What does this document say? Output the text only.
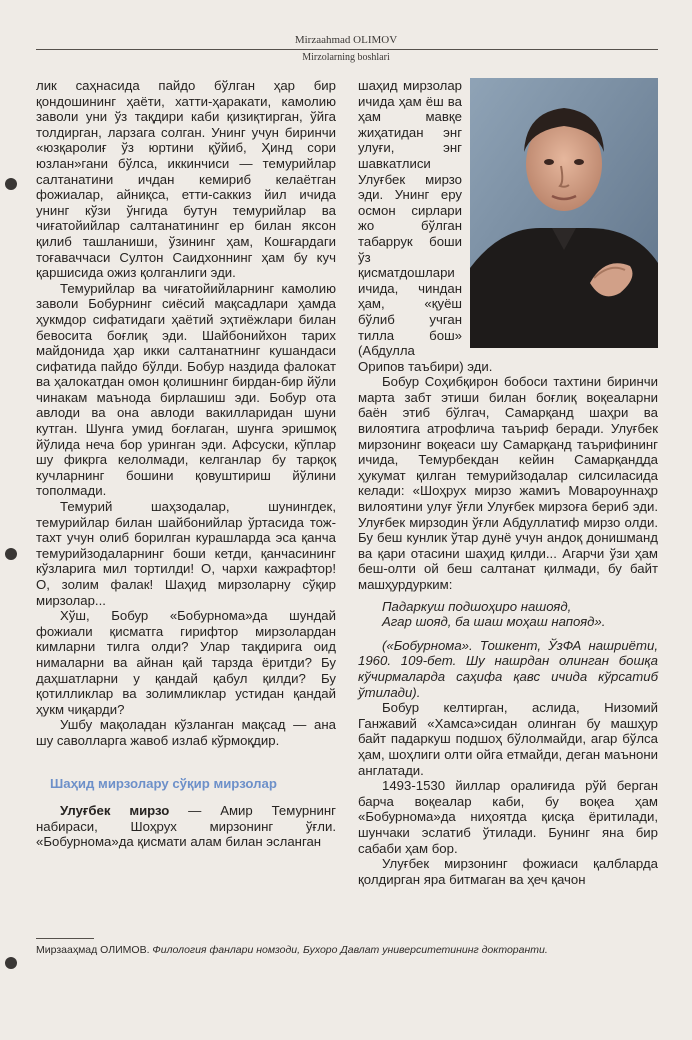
Mirzaahmad OLIMOV
Mirzolarning boshlari

лик саҳнасида пайдо бўлган ҳар бир қондошининг ҳаёти, хатти-ҳаракати, камолию заволи уни ўз тақдири каби қизиқтирган, ўйга толдирган, ларзага солган. Унинг учун биринчи «юзқаролиғ ўз юртини қўйиб, Ҳинд сори юзлан»гани бўлса, иккинчиси — темурийлар салтанатини ичдан кемириб келаётган фожиалар, айниқса, етти-саккиз йил ичида унинг кўзи ўнгида бутун темурийлар ва чиғатойийлар салтанатининг ер билан яксон қилиб ташланиши, ўзининг ҳам, Кошғардаги тоғаваччаси Султон Саидхоннинг ҳам бу куч қаршисида ожиз қолганлиги эди.

Темурийлар ва чиғатойийларнинг камолию заволи Бобурнинг сиёсий мақсадлари ҳамда ҳукмдор сифатидаги ҳаётий эҳтиёжлари билан бевосита боғлиқ эди. Шайбонийхон тарих майдонида ҳар икки салтанатнинг кушандаси сифатида пайдо бўлди. Бобур наздида фалокат ва ҳалокатдан омон қолишнинг бирдан-бир йўли чинакам маънода бирлашиш эди. Бобур ота авлоди ва она авлоди вакилларидан шуни кутган. Шунга умид боғлаган, шунга эришмоқ йўлида неча бор уринган эди. Афсуски, кўплар шу фикрга келолмади, келганлар бу тарқоқ кучларнинг бошини қовуштириш йўлини тополмади.

Темурий шаҳзодалар, шунингдек, темурийлар билан шайбонийлар ўртасида тож-тахт учун олиб борилган курашларда эса қанча темурийзодаларнинг боши кетди, қанчасининг кўзларига мил тортилди! О, чархи кажрафтор! О, золим фалак! Шаҳид мирзоларну сўқир мирзолар...

Хўш, Бобур «Бобурнома»да шундай фожиали қисматга гирифтор мирзолардан кимларни тилга олди? Улар тақдирига оид нималарни ва айнан қай тарзда ёритди? Бу даҳшатларни у қандай қабул қилди? Бу қотилликлар ва золимликлар устидан қандай ҳукм чиқарди?

Ушбу мақоладан кўзланган мақсад — ана шу саволларга жавоб излаб кўрмоқдир.

Шаҳид мирзолару сўқир мирзолар

Улуғбек мирзо — Амир Темурнинг набираси, Шоҳрух мирзонинг ўғли. «Бобурнома»да қисмати алам билан эсланган

шаҳид мирзолар ичида ҳам ёш ва ҳам мавқе жиҳатидан энг улуғи, энг шавкатлиси Улуғбек мирзо эди. Унинг еру осмон сирлари жо бўлган табаррук боши ўз қисматдошлари ичида, чиндан ҳам, «қуёш бўлиб учган тилла бош» (Абдулла Орипов таъбири) эди.

Бобур Соҳибқирон бобоси тахтини биринчи марта забт этиши билан боғлиқ воқеаларни баён этиб бўлгач, Самарқанд шаҳри ва вилоятига атрофлича таъриф беради. Улуғбек мирзонинг воқеаси шу Самарқанд таърифининг ичида, Темурбекдан кейин Самарқандда ҳукумат қилган темурийзодалар силсиласида келади: «Шоҳрух мирзо жамиъ Мовароуннаҳр вилоятини улуғ ўғли Улуғбек мирзоға бериб эди. Улуғбек мирзодин ўғли Абдуллатиф мирзо олди. Бу беш кунлик ўтар дунё учун андоқ донишманд ва қари отасини шаҳид қилди... Агарчи ўзи ҳам беш-олти ой беш салтанат қилмади, бу байт машҳурдурким:

Падаркуш подшоҳиро нашояд,
Агар шояд, ба шаш моҳаш напояд».

(«Бобурнома». Тошкент, ЎзФА нашриёти, 1960. 109-бет. Шу нашрдан олинган бошқа кўчирмаларда саҳифа қавс ичида кўрсатиб ўтилади).

Бобур келтирган, аслида, Низомий Ганжавий «Хамса»сидан олинган бу машҳур байт падаркуш подшоҳ бўлолмайди, агар бўлса ҳам, шоҳлиги олти ойга етмайди, деган маънони англатади.

1493-1530 йиллар оралиғида рўй берган барча воқеалар каби, бу воқеа ҳам «Бобурнома»да ниҳоятда қисқа ёритилади, шунчаки эслатиб ўтилади. Бунинг яна бир сабаби ҳам бор.

Улуғбек мирзонинг фожиаси қалбларда қолдирган яра битмаган ва ҳеч қачон

Мирзааҳмад ОЛИМОВ. Филология фанлари номзоди, Бухоро Давлат университетининг докторанти.
